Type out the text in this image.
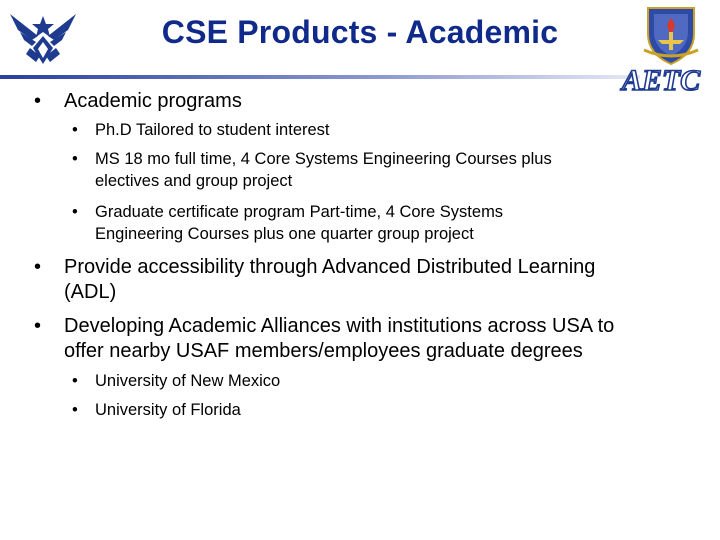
CSE Products - Academic
AETC
• Academic programs
• Ph.D Tailored to student interest
• MS 18 mo full time, 4 Core Systems Engineering Courses plus
electives and group project
• Graduate certificate program Part-time, 4 Core Systems
Engineering Courses plus one quarter group project
• Provide accessibility through Advanced Distributed Learning
(ADL)
• Developing Academic Alliances with institutions across USA to
offer nearby USAF members/employees graduate degrees
• University of New Mexico
• University of Florida
